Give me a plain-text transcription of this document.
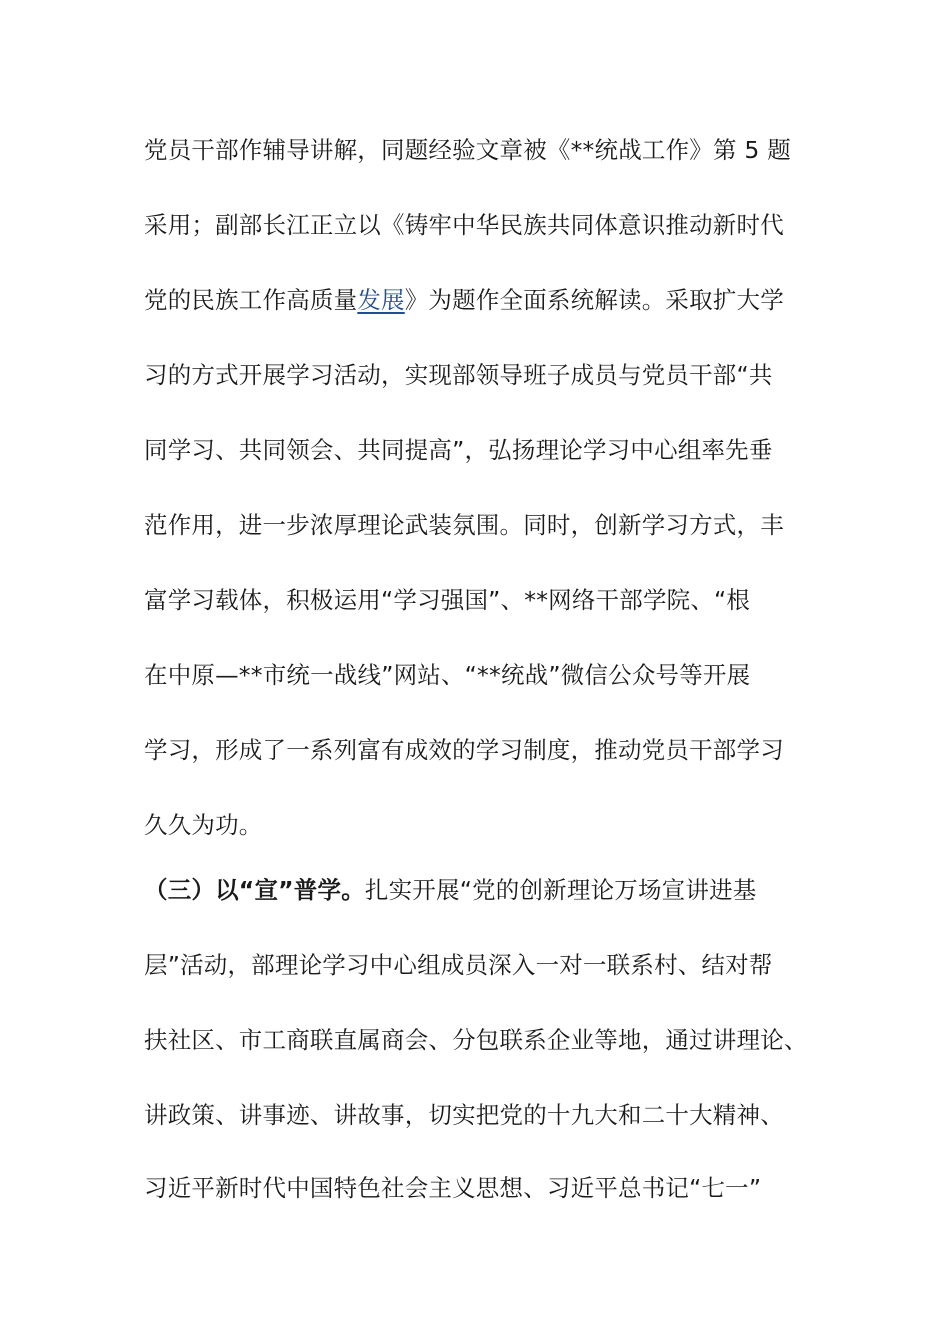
党员干部作辅导讲解，同题经验文章被《**统战工作》第 5 题
采用；副部长江正立以《铸牢中华民族共同体意识推动新时代
党的民族工作高质量发展》为题作全面系统解读。采取扩大学
习的方式开展学习活动，实现部领导班子成员与党员干部“共
同学习、共同领会、共同提高”，弘扬理论学习中心组率先垂
范作用，进一步浓厚理论武装氛围。同时，创新学习方式，丰
富学习载体，积极运用“学习强国”、**网络干部学院、“根
在中原—**市统一战线”网站、“**统战”微信公众号等开展
学习，形成了一系列富有成效的学习制度，推动党员干部学习
久久为功。
（三）以“宣”普学。扎实开展“党的创新理论万场宣讲进基
层”活动，部理论学习中心组成员深入一对一联系村、结对帮
扶社区、市工商联直属商会、分包联系企业等地，通过讲理论、
讲政策、讲事迹、讲故事，切实把党的十九大和二十大精神、
习近平新时代中国特色社会主义思想、习近平总书记“七一”
